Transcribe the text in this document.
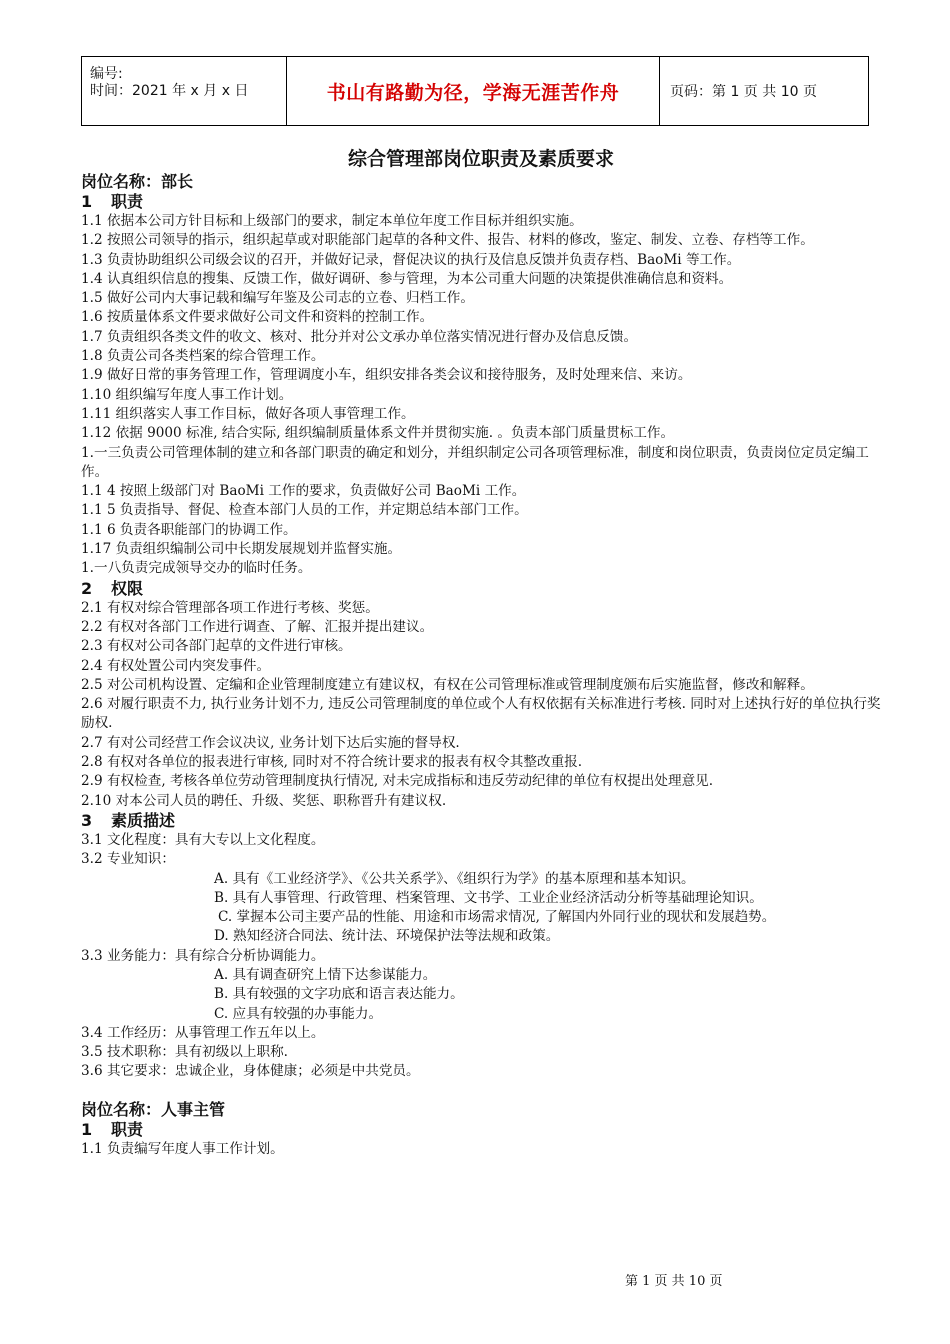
编号:
时间：2021 年 x 月 x 日	书山有路勤为径，学海无涯苦作舟	页码：第 1 页 共 10 页
综合管理部岗位职责及素质要求
岗位名称：部长
1 职责
1.1 依据本公司方针目标和上级部门的要求，制定本单位年度工作目标并组织实施。
1.2 按照公司领导的指示，组织起草或对职能部门起草的各种文件、报告、材料的修改，鉴定、制发、立卷、存档等工作。
1.3 负责协助组织公司级会议的召开，并做好记录，督促决议的执行及信息反馈并负责存档、BaoMi 等工作。
1.4 认真组织信息的搜集、反馈工作，做好调研、参与管理，为本公司重大问题的决策提供准确信息和资料。
1.5 做好公司内大事记载和编写年鉴及公司志的立卷、归档工作。
1.6 按质量体系文件要求做好公司文件和资料的控制工作。
1.7 负责组织各类文件的收文、核对、批分并对公文承办单位落实情况进行督办及信息反馈。
1.8 负责公司各类档案的综合管理工作。
1.9 做好日常的事务管理工作，管理调度小车，组织安排各类会议和接待服务，及时处理来信、来访。
1.10 组织编写年度人事工作计划。
1.11 组织落实人事工作目标，做好各项人事管理工作。
1.12 依据 9000 标准, 结合实际, 组织编制质量体系文件并贯彻实施. 。负责本部门质量贯标工作。
1.一三负责公司管理体制的建立和各部门职责的确定和划分，并组织制定公司各项管理标准，制度和岗位职责，负责岗位定员定编工作。
1.1 4 按照上级部门对 BaoMi 工作的要求，负责做好公司 BaoMi 工作。
1.1 5 负责指导、督促、检查本部门人员的工作，并定期总结本部门工作。
1.1 6 负责各职能部门的协调工作。
1.17 负责组织编制公司中长期发展规划并监督实施。
1.一八负责完成领导交办的临时任务。
2 权限
2.1 有权对综合管理部各项工作进行考核、奖惩。
2.2 有权对各部门工作进行调查、了解、汇报并提出建议。
2.3 有权对公司各部门起草的文件进行审核。
2.4 有权处置公司内突发事件。
2.5 对公司机构设置、定编和企业管理制度建立有建议权，有权在公司管理标准或管理制度颁布后实施监督，修改和解释。
2.6 对履行职责不力, 执行业务计划不力, 违反公司管理制度的单位或个人有权依据有关标准进行考核. 同时对上述执行好的单位执行奖励权.
2.7 有对公司经营工作会议决议, 业务计划下达后实施的督导权.
2.8 有权对各单位的报表进行审核, 同时对不符合统计要求的报表有权令其整改重报.
2.9 有权检查, 考核各单位劳动管理制度执行情况, 对未完成指标和违反劳动纪律的单位有权提出处理意见.
2.10 对本公司人员的聘任、升级、奖惩、职称晋升有建议权.
3 素质描述
3.1 文化程度：具有大专以上文化程度。
3.2 专业知识：
A. 具有《工业经济学》、《公共关系学》、《组织行为学》的基本原理和基本知识。
B. 具有人事管理、行政管理、档案管理、文书学、工业企业经济活动分析等基础理论知识。
C. 掌握本公司主要产品的性能、用途和市场需求情况, 了解国内外同行业的现状和发展趋势。
D. 熟知经济合同法、统计法、环境保护法等法规和政策。
3.3 业务能力：具有综合分析协调能力。
A. 具有调查研究上情下达参谋能力。
B. 具有较强的文字功底和语言表达能力。
C. 应具有较强的办事能力。
3.4 工作经历：从事管理工作五年以上。
3.5 技术职称：具有初级以上职称.
3.6 其它要求：忠诚企业，身体健康；必须是中共党员。
岗位名称：人事主管
1 职责
1.1 负责编写年度人事工作计划。
第 1 页 共 10 页
